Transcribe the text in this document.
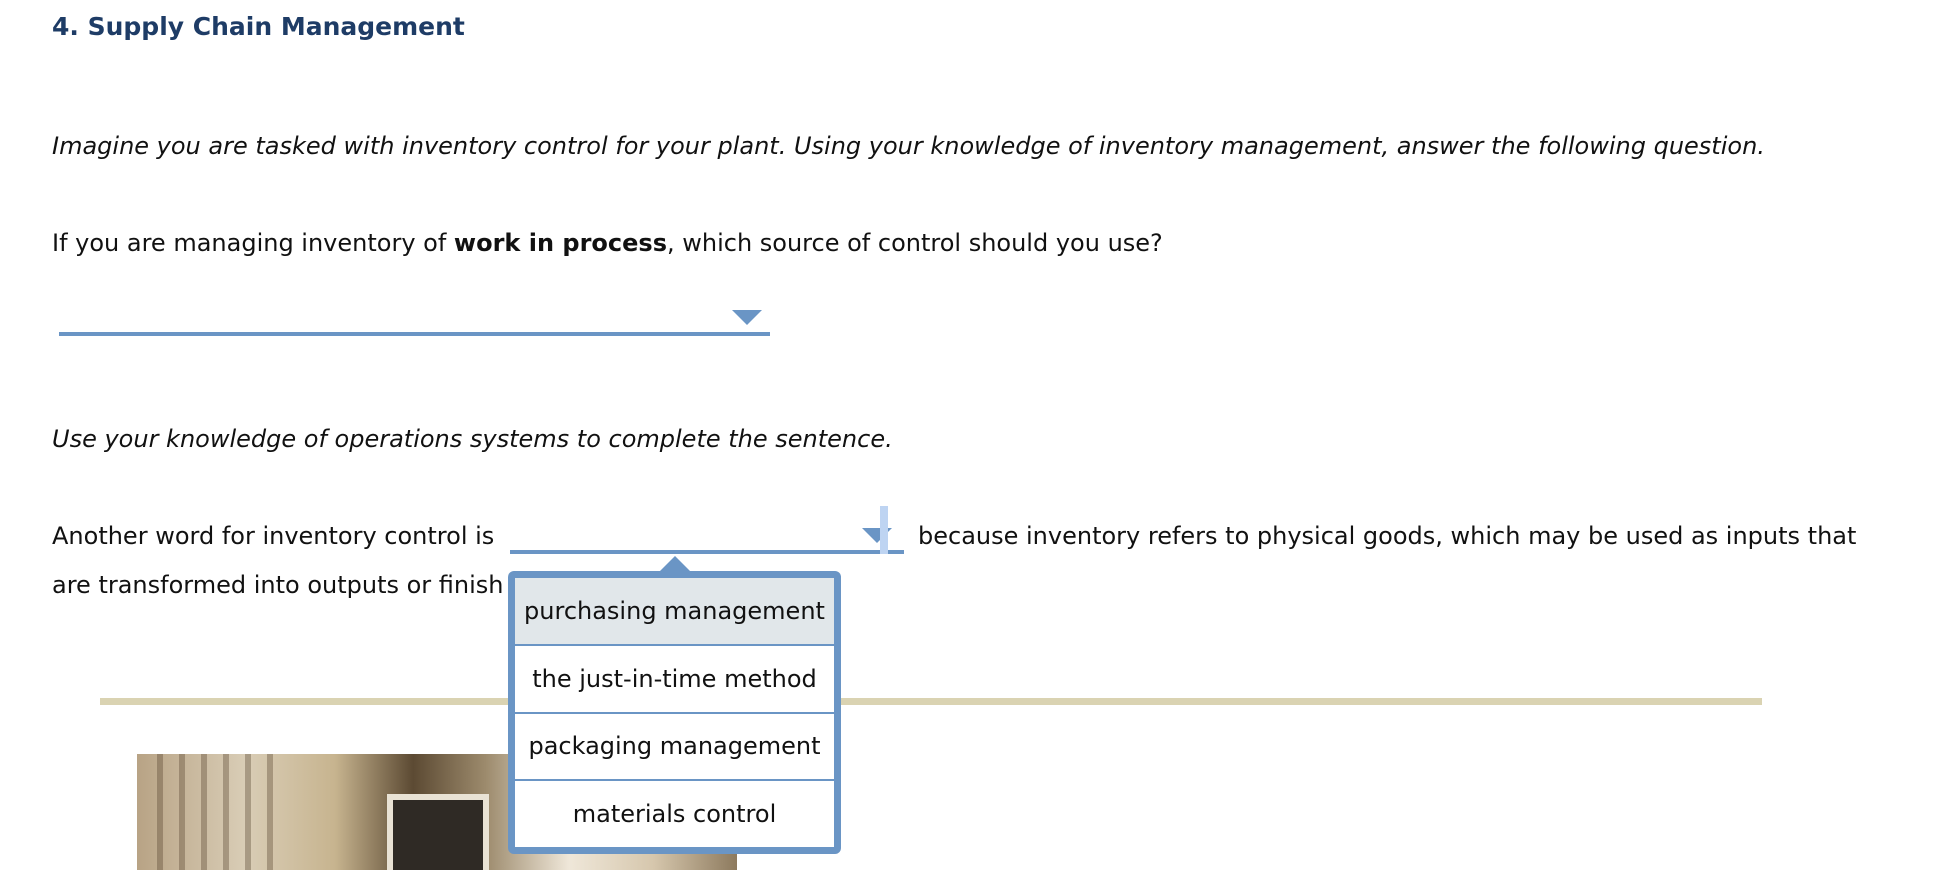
4. Supply Chain Management
Imagine you are tasked with inventory control for your plant. Using your knowledge of inventory management, answer the following question.
If you are managing inventory of work in process, which source of control should you use?
Use your knowledge of operations systems to complete the sentence.
Another word for inventory control is	because inventory refers to physical goods, which may be used as inputs that
are transformed into outputs or finish
purchasing management
the just-in-time method
packaging management
materials control
